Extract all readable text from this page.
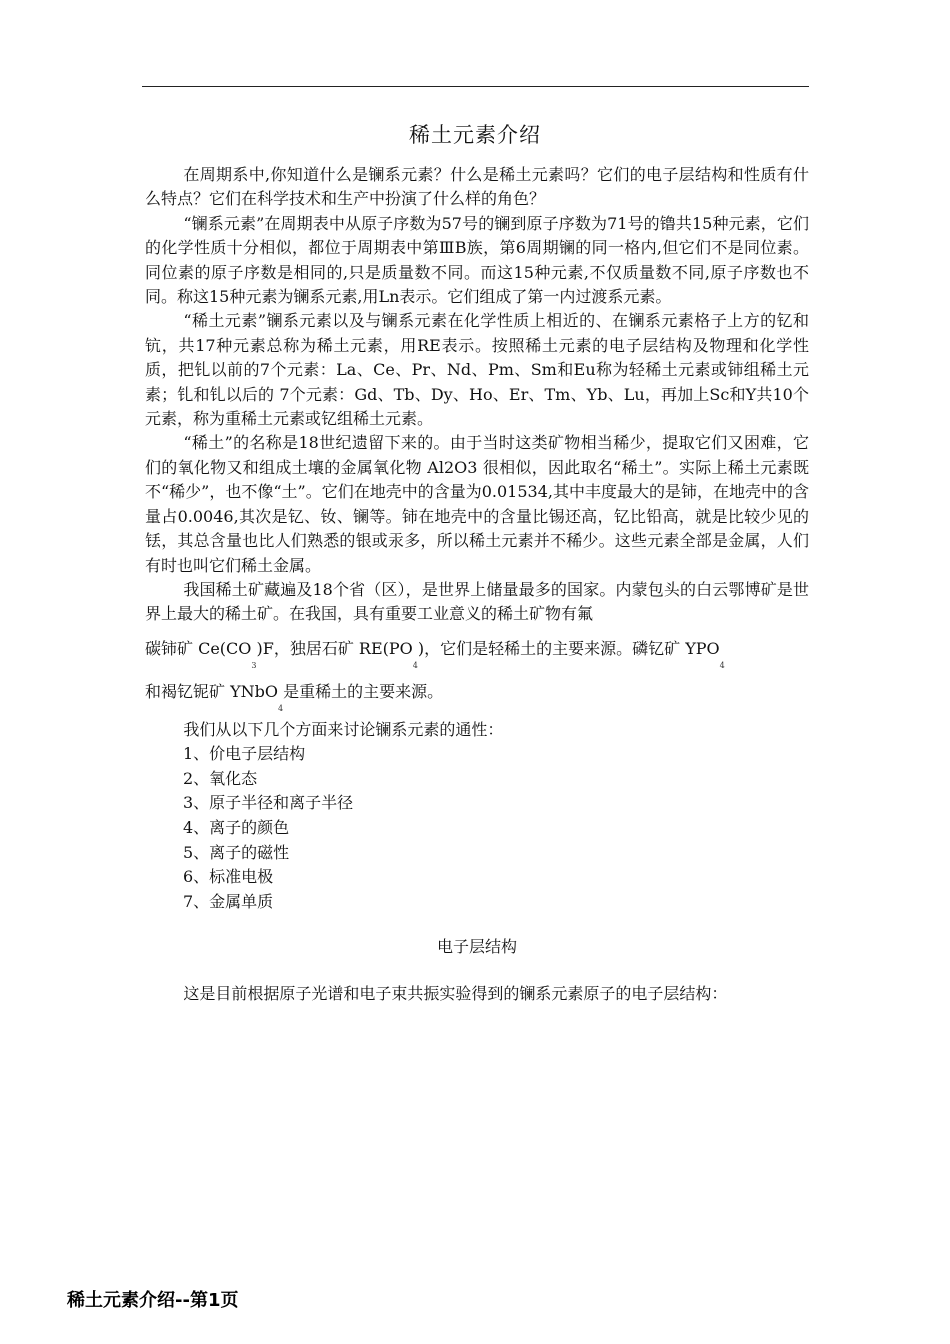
稀土元素介绍

在周期系中,你知道什么是镧系元素？什么是稀土元素吗？它们的电子层结构和性质有什么特点？它们在科学技术和生产中扮演了什么样的角色？

“镧系元素”在周期表中从原子序数为57号的镧到原子序数为71号的镥共15种元素，它们的化学性质十分相似，都位于周期表中第ⅢB族，第6周期镧的同一格内,但它们不是同位素。同位素的原子序数是相同的,只是质量数不同。而这15种元素,不仅质量数不同,原子序数也不同。称这15种元素为镧系元素,用Ln表示。它们组成了第一内过渡系元素。

“稀土元素”镧系元素以及与镧系元素在化学性质上相近的、在镧系元素格子上方的钇和钪，共17种元素总称为稀土元素，用RE表示。按照稀土元素的电子层结构及物理和化学性质，把钆以前的7个元素：La、Ce、Pr、Nd、Pm、Sm和Eu称为轻稀土元素或铈组稀土元素；钆和钆以后的 7个元素：Gd、Tb、Dy、Ho、Er、Tm、Yb、Lu，再加上Sc和Y共10个元素，称为重稀土元素或钇组稀土元素。

“稀土”的名称是18世纪遗留下来的。由于当时这类矿物相当稀少，提取它们又困难，它们的氧化物又和组成土壤的金属氧化物 Al2O3 很相似，因此取名“稀土”。实际上稀土元素既不“稀少”，也不像“土”。它们在地壳中的含量为0.01534,其中丰度最大的是铈，在地壳中的含量占0.0046,其次是钇、钕、镧等。铈在地壳中的含量比锡还高，钇比铅高，就是比较少见的铥，其总含量也比人们熟悉的银或汞多，所以稀土元素并不稀少。这些元素全部是金属，人们有时也叫它们稀土金属。

我国稀土矿藏遍及18个省（区），是世界上储量最多的国家。内蒙包头的白云鄂博矿是世界上最大的稀土矿。在我国，具有重要工业意义的稀土矿物有氟

碳铈矿 $Ce(CO_3)F$，独居石矿 $RE(PO_4)$，它们是轻稀土的主要来源。磷钇矿 $YPO_4$

和褐钇铌矿 YNbO$_4$是重稀土的主要来源。

我们从以下几个方面来讨论镧系元素的通性：

1、价电子层结构
2、氧化态
3、原子半径和离子半径
4、离子的颜色
5、离子的磁性
6、标准电极
7、金属单质

电子层结构

这是目前根据原子光谱和电子束共振实验得到的镧系元素原子的电子层结构：

稀土元素介绍--第1页
